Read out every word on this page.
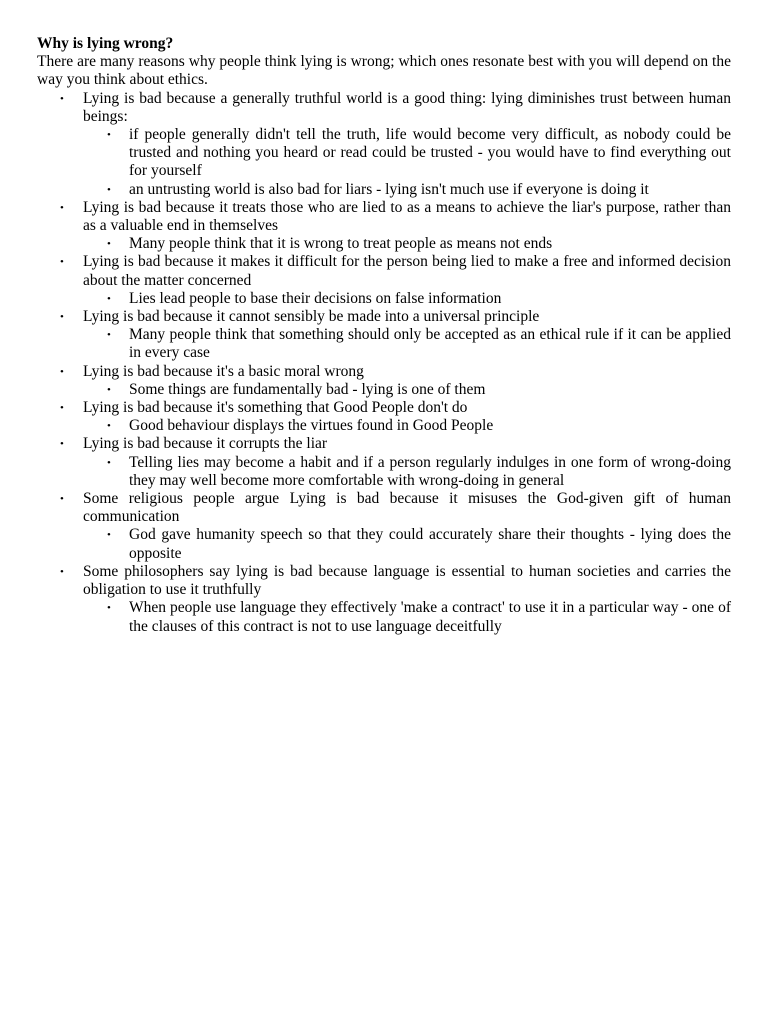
Why is lying wrong?

There are many reasons why people think lying is wrong; which ones resonate best with you will depend on the way you think about ethics.

• Lying is bad because a generally truthful world is a good thing: lying diminishes trust between human beings:
• if people generally didn't tell the truth, life would become very difficult, as nobody could be trusted and nothing you heard or read could be trusted - you would have to find everything out for yourself
• an untrusting world is also bad for liars - lying isn't much use if everyone is doing it
• Lying is bad because it treats those who are lied to as a means to achieve the liar's purpose, rather than as a valuable end in themselves
• Many people think that it is wrong to treat people as means not ends
• Lying is bad because it makes it difficult for the person being lied to make a free and informed decision about the matter concerned
• Lies lead people to base their decisions on false information
• Lying is bad because it cannot sensibly be made into a universal principle
• Many people think that something should only be accepted as an ethical rule if it can be applied in every case
• Lying is bad because it's a basic moral wrong
• Some things are fundamentally bad - lying is one of them
• Lying is bad because it's something that Good People don't do
• Good behaviour displays the virtues found in Good People
• Lying is bad because it corrupts the liar
• Telling lies may become a habit and if a person regularly indulges in one form of wrong-doing they may well become more comfortable with wrong-doing in general
• Some religious people argue Lying is bad because it misuses the God-given gift of human communication
• God gave humanity speech so that they could accurately share their thoughts - lying does the opposite
• Some philosophers say lying is bad because language is essential to human societies and carries the obligation to use it truthfully
• When people use language they effectively 'make a contract' to use it in a particular way - one of the clauses of this contract is not to use language deceitfully
